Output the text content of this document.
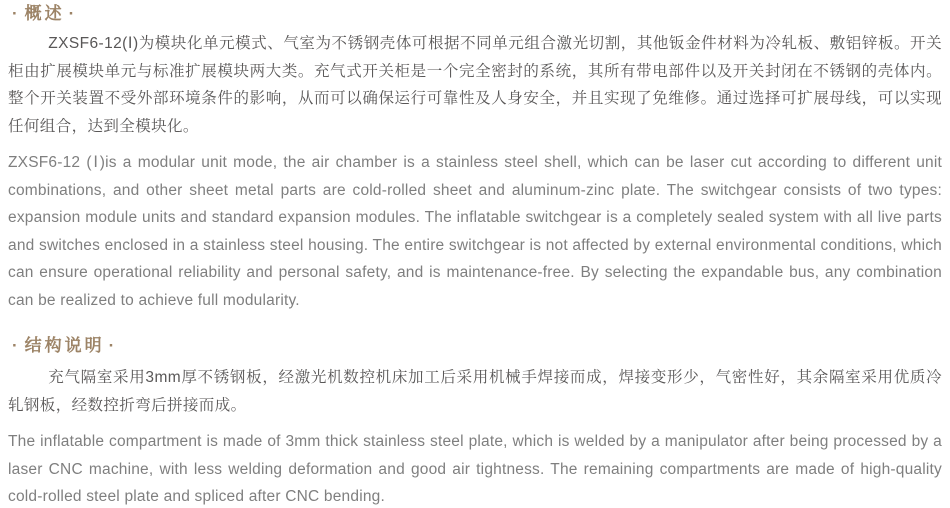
· 概述 ·

ZXSF6-12(Ⅰ)为模块化单元模式、气室为不锈钢壳体可根据不同单元组合激光切割，其他钣金件材料为冷轧板、敷铝锌板。开关柜由扩展模块单元与标准扩展模块两大类。充气式开关柜是一个完全密封的系统，其所有带电部件以及开关封闭在不锈钢的壳体内。整个开关装置不受外部环境条件的影响，从而可以确保运行可靠性及人身安全，并且实现了免维修。通过选择可扩展母线，可以实现任何组合，达到全模块化。

ZXSF6-12 (Ⅰ)is a modular unit mode, the air chamber is a stainless steel shell, which can be laser cut according to different unit combinations, and other sheet metal parts are cold-rolled sheet and aluminum-zinc plate. The switchgear consists of two types: expansion module units and standard expansion modules. The inflatable switchgear is a completely sealed system with all live parts and switches enclosed in a stainless steel housing. The entire switchgear is not affected by external environmental conditions, which can ensure operational reliability and personal safety, and is maintenance-free. By selecting the expandable bus, any combination can be realized to achieve full modularity.

· 结构说明 ·

充气隔室采用3mm厚不锈钢板，经激光机数控机床加工后采用机械手焊接而成，焊接变形少，气密性好，其余隔室采用优质冷轧钢板，经数控折弯后拼接而成。

The inflatable compartment is made of 3mm thick stainless steel plate, which is welded by a manipulator after being processed by a laser CNC machine, with less welding deformation and good air tightness. The remaining compartments are made of high-quality cold-rolled steel plate and spliced after CNC bending.
